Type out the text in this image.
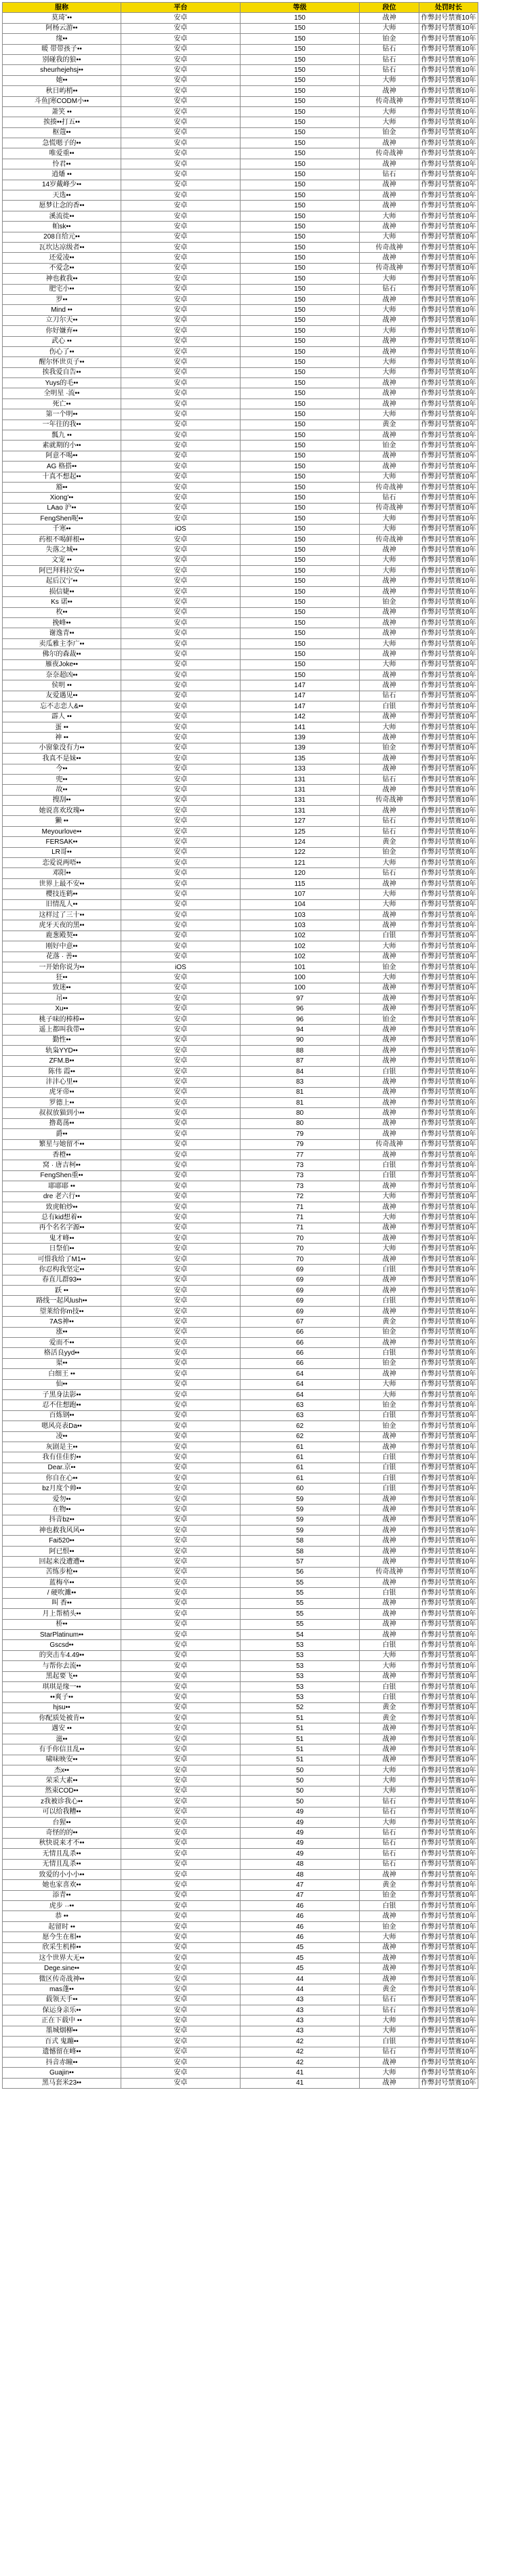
服称	平台	等级	段位	处罚时长
莫琦ˇ••	安卓	150	战神	作弊封号禁赛10年
阿杨云游••	安卓	150	大师	作弊封号禁赛10年
缘••	安卓	150	铂金	作弊封号禁赛10年
暖 带带孩子••	安卓	150	钻石	作弊封号禁赛10年
别碰我的狼••	安卓	150	钻石	作弊封号禁赛10年
sheurhejehsj••	安卓	150	钻石	作弊封号禁赛10年
她••	安卓	150	大师	作弊封号禁赛10年
秋日屿梢••	安卓	150	战神	作弊封号禁赛10年
斗鱼|寒CODM小••	安卓	150	传奇战神	作弊封号禁赛10年
萧笑 ••	安卓	150	大师	作弊封号禁赛10年
挨揍••打五••	安卓	150	大师	作弊封号禁赛10年
枢蔻••	安卓	150	铂金	作弊封号禁赛10年
急慌嗯子的••	安卓	150	战神	作弊封号禁赛10年
唯爱重••	安卓	150	传奇战神	作弊封号禁赛10年
怜君••	安卓	150	战神	作弊封号禁赛10年
逍燔 ••	安卓	150	钻石	作弊封号禁赛10年
14岁戴峰少••	安卓	150	战神	作弊封号禁赛10年
天选••	安卓	150	战神	作弊封号禁赛10年
愿梦让念的香••	安卓	150	战神	作弊封号禁赛10年
溪流徙••	安卓	150	大师	作弊封号禁赛10年
帕sk••	安卓	150	战神	作弊封号禁赛10年
208自给元••	安卓	150	大师	作弊封号禁赛10年
瓦坎达凉级者••	安卓	150	传奇战神	作弊封号禁赛10年
还爱凌••	安卓	150	战神	作弊封号禁赛10年
不爱念••	安卓	150	传奇战神	作弊封号禁赛10年
神也救我••	安卓	150	大师	作弊封号禁赛10年
肥宅小••	安卓	150	钻石	作弊封号禁赛10年
罗••	安卓	150	战神	作弊封号禁赛10年
Mind ••	安卓	150	大师	作弊封号禁赛10年
立刀尔天••	安卓	150	战神	作弊封号禁赛10年
你好嫌弃••	安卓	150	大师	作弊封号禁赛10年
武心 ••	安卓	150	战神	作弊封号禁赛10年
伤心了••	安卓	150	战神	作弊封号禁赛10年
醒尔怀世页子••	安卓	150	大师	作弊封号禁赛10年
挨我爱自告••	安卓	150	大师	作弊封号禁赛10年
Yuys的毛••	安卓	150	战神	作弊封号禁赛10年
全明星 ·流••	安卓	150	战神	作弊封号禁赛10年
死亡••	安卓	150	战神	作弊封号禁赛10年
第一个明••	安卓	150	大师	作弊封号禁赛10年
一年往的我••	安卓	150	黄金	作弊封号禁赛10年
瓢九 ••	安卓	150	战神	作弊封号禁赛10年
素就期的小••	安卓	150	铂金	作弊封号禁赛10年
阿意不喝••	安卓	150	战神	作弊封号禁赛10年
AG 格搭••	安卓	150	战神	作弊封号禁赛10年
十真不想起••	安卓	150	大师	作弊封号禁赛10年
豁••	安卓	150	传奇战神	作弊封号禁赛10年
Xiong'••	安卓	150	钻石	作弊封号禁赛10年
LAao 沪••	安卓	150	传奇战神	作弊封号禁赛10年
FengShen呢••	安卓	150	大师	作弊封号禁赛10年
千寒••	iOS	150	大师	作弊封号禁赛10年
药根不喝鲜根••	安卓	150	传奇战神	作弊封号禁赛10年
失落之城••	安卓	150	战神	作弊封号禁赛10年
文宠 ••	安卓	150	大师	作弊封号禁赛10年
阿巴拜料拉安••	安卓	150	大师	作弊封号禁赛10年
起后汉宁••	安卓	150	战神	作弊封号禁赛10年
损信婕••	安卓	150	战神	作弊封号禁赛10年
Ks 诺••	安卓	150	铂金	作弊封号禁赛10年
枚••	安卓	150	战神	作弊封号禁赛10年
挽峰••	安卓	150	战神	作弊封号禁赛10年
谢逸青••	安卓	150	战神	作弊封号禁赛10年
卖瓜雅主李广••	安卓	150	大师	作弊封号禁赛10年
佛尔的森裁••	安卓	150	战神	作弊封号禁赛10年
雁夜Joke••	安卓	150	大师	作弊封号禁赛10年
奈奈超凶••	安卓	150	战神	作弊封号禁赛10年
侯明 ••	安卓	147	战神	作弊封号禁赛10年
友爱遇见••	安卓	147	钻石	作弊封号禁赛10年
忘不志恋人&••	安卓	147	白银	作弊封号禁赛10年
霹人 ••	安卓	142	战神	作弊封号禁赛10年
蛋 ••	安卓	141	大师	作弊封号禁赛10年
神 ••	安卓	139	战神	作弊封号禁赛10年
小窗象没有力••	安卓	139	铂金	作弊封号禁赛10年
我真不是妹••	安卓	135	战神	作弊封号禁赛10年
今••	安卓	133	战神	作弊封号禁赛10年
兜••	安卓	131	钻石	作弊封号禁赛10年
故••	安卓	131	战神	作弊封号禁赛10年
搜刮••	安卓	131	传奇战神	作弊封号禁赛10年
她说喜欢玫瑰••	安卓	131	战神	作弊封号禁赛10年
獭 ••	安卓	127	钻石	作弊封号禁赛10年
Meyourlove••	安卓	125	钻石	作弊封号禁赛10年
FERSAK••	安卓	124	黄金	作弊封号禁赛10年
LR哥••	安卓	122	铂金	作弊封号禁赛10年
恋爱说两唔••	安卓	121	大师	作弊封号禁赛10年
邓阳••	安卓	120	钻石	作弊封号禁赛10年
世界上最不安••	安卓	115	战神	作弊封号禁赛10年
樱技连鹤••	安卓	107	大师	作弊封号禁赛10年
旧情乱人••	安卓	104	大师	作弊封号禁赛10年
这样过了三十••	安卓	103	战神	作弊封号禁赛10年
虎牙天夜的黑••	安卓	103	战神	作弊封号禁赛10年
鹿葱殿契••	安卓	102	白银	作弊封号禁赛10年
刚好中意••	安卓	102	大师	作弊封号禁赛10年
花落 · 善••	安卓	102	战神	作弊封号禁赛10年
一开始你说为••	iOS	101	铂金	作弊封号禁赛10年
狂••	安卓	100	大师	作弊封号禁赛10年
致迷••	安卓	100	战神	作弊封号禁赛10年
吊••	安卓	97	战神	作弊封号禁赛10年
Xu••	安卓	96	战神	作弊封号禁赛10年
桃子味的棒棒••	安卓	96	铂金	作弊封号禁赛10年
遥上都叫我带••	安卓	94	战神	作弊封号禁赛10年
勤性••	安卓	90	战神	作弊封号禁赛10年
轨枭YYD••	安卓	88	战神	作弊封号禁赛10年
ZFM.B••	安卓	87	战神	作弊封号禁赛10年
陈伟 霞••	安卓	84	白银	作弊封号禁赛10年
沣沣心里••	安卓	83	战神	作弊封号禁赛10年
虎牙帝••	安卓	81	战神	作弊封号禁赛10年
罗德上••	安卓	81	战神	作弊封号禁赛10年
叔叔放猫到小••	安卓	80	战神	作弊封号禁赛10年
撸葛荡••	安卓	80	战神	作弊封号禁赛10年
爵••	安卓	79	战神	作弊封号禁赛10年
繁星与她留不••	安卓	79	传奇战神	作弊封号禁赛10年
香橙••	安卓	77	战神	作弊封号禁赛10年
窝 · 唐吉柯••	安卓	73	白银	作弊封号禁赛10年
FengShen重••	安卓	73	白银	作弊封号禁赛10年
耶耶耶 ••	安卓	73	战神	作弊封号禁赛10年
dre 老六行••	安卓	72	大师	作弊封号禁赛10年
致虎帕炒••	安卓	71	战神	作弊封号禁赛10年
总有kid想着••	安卓	71	大师	作弊封号禁赛10年
再个名名字源••	安卓	71	战神	作弊封号禁赛10年
鬼才峰••	安卓	70	战神	作弊封号禁赛10年
日祭伯••	安卓	70	大师	作弊封号禁赛10年
可惜我给了M1••	安卓	70	战神	作弊封号禁赛10年
你忍构我坚定••	安卓	69	白银	作弊封号禁赛10年
春直儿群93••	安卓	69	战神	作弊封号禁赛10年
跃 ••	安卓	69	战神	作弊封号禁赛10年
路线一起风lush••	安卓	69	白银	作弊封号禁赛10年
望莱给你m技••	安卓	69	战神	作弊封号禁赛10年
7AS神••	安卓	67	黄金	作弊封号禁赛10年
涨••	安卓	66	铂金	作弊封号禁赛10年
爱而不••	安卓	66	战神	作弊封号禁赛10年
格活良yyd••	安卓	66	白银	作弊封号禁赛10年
渠••	安卓	66	铂金	作弊封号禁赛10年
白细王 ••	安卓	64	战神	作弊封号禁赛10年
仙••	安卓	64	大师	作弊封号禁赛10年
子黑身法影••	安卓	64	大师	作弊封号禁赛10年
忍不住想跑••	安卓	63	铂金	作弊封号禁赛10年
百炼钢••	安卓	63	白银	作弊封号禁赛10年
嗯风亮表Da••	安卓	62	铂金	作弊封号禁赛10年
凌••	安卓	62	战神	作弊封号禁赛10年
灰剧是主••	安卓	61	战神	作弊封号禁赛10年
我有佳佳豹••	安卓	61	白银	作弊封号禁赛10年
Dear.京••	安卓	61	白银	作弊封号禁赛10年
你自在心••	安卓	61	白银	作弊封号禁赛10年
bz月度个帅••	安卓	60	白银	作弊封号禁赛10年
爱勿••	安卓	59	战神	作弊封号禁赛10年
在物••	安卓	59	战神	作弊封号禁赛10年
抖音bz••	安卓	59	战神	作弊封号禁赛10年
神也救我风风••	安卓	59	战神	作弊封号禁赛10年
Fai520••	安卓	58	战神	作弊封号禁赛10年
阿已恨••	安卓	58	战神	作弊封号禁赛10年
回起来没遭遭••	安卓	57	战神	作弊封号禁赛10年
苦练步枪••	安卓	56	传奇战神	作弊封号禁赛10年
蓝梅卒••	安卓	55	战神	作弊封号禁赛10年
/ 硬吹濉••	安卓	55	白银	作弊封号禁赛10年
叫 香••	安卓	55	战神	作弊封号禁赛10年
月上帮梢头••	安卓	55	战神	作弊封号禁赛10年
桥••	安卓	55	战神	作弊封号禁赛10年
StarPlatinum••	安卓	54	战神	作弊封号禁赛10年
Gscsd••	安卓	53	白银	作弊封号禁赛10年
的突击车4.49••	安卓	53	大师	作弊封号禁赛10年
与帮你去流••	安卓	53	大师	作弊封号禁赛10年
黑起要飞••	安卓	53	战神	作弊封号禁赛10年
琪琪是缘一••	安卓	53	白银	作弊封号禁赛10年
••爽子••	安卓	53	白银	作弊封号禁赛10年
hjsu••	安卓	52	黄金	作弊封号禁赛10年
你配质处被肯••	安卓	51	黄金	作弊封号禁赛10年
遇安 ••	安卓	51	战神	作弊封号禁赛10年
滋••	安卓	51	战神	作弊封号禁赛10年
有手你信且乱••	安卓	51	战神	作弊封号禁赛10年
啸味映安••	安卓	51	战神	作弊封号禁赛10年
杰x••	安卓	50	大师	作弊封号禁赛10年
荣采大素••	安卓	50	大师	作弊封号禁赛10年
然束COD••	安卓	50	大师	作弊封号禁赛10年
z我被诊我心••	安卓	50	钻石	作弊封号禁赛10年
可以给我糟••	安卓	49	钻石	作弊封号禁赛10年
台猩••	安卓	49	大师	作弊封号禁赛10年
奇怪的的••	安卓	49	钻石	作弊封号禁赛10年
秋快说来才不••	安卓	49	钻石	作弊封号禁赛10年
无情且乱杀••	安卓	49	钻石	作弊封号禁赛10年
无情且乱杀••	安卓	48	钻石	作弊封号禁赛10年
致爱的小小小••	安卓	48	战神	作弊封号禁赛10年
她也家喜欢••	安卓	47	黄金	作弊封号禁赛10年
添青••	安卓	47	铂金	作弊封号禁赛10年
虎步 ··••	安卓	46	白银	作弊封号禁赛10年
恭 ••	安卓	46	战神	作弊封号禁赛10年
起留时 ••	安卓	46	铂金	作弊封号禁赛10年
愿今生在相••	安卓	46	大师	作弊封号禁赛10年
欣采生机棒••	安卓	45	战神	作弊封号禁赛10年
这个世界大无••	安卓	45	战神	作弊封号禁赛10年
Dege.sine••	安卓	45	战神	作弊封号禁赛10年
微区传奇战神••	安卓	44	战神	作弊封号禁赛10年
mas蓬••	安卓	44	黄金	作弊封号禁赛10年
载领天手••	安卓	43	钻石	作弊封号禁赛10年
保运身亲乐••	安卓	43	钻石	作弊封号禁赛10年
正在下载中 ••	安卓	43	大师	作弊封号禁赛10年
墨城烟柳••	安卓	43	大师	作弊封号禁赛10年
百式 鬼蹦••	安卓	42	白银	作弊封号禁赛10年
遗憾留在峰••	安卓	42	钻石	作弊封号禁赛10年
抖音赤瞳••	安卓	42	战神	作弊封号禁赛10年
Guajin••	安卓	41	大师	作弊封号禁赛10年
黑马套米23••	安卓	41	战神	作弊封号禁赛10年
